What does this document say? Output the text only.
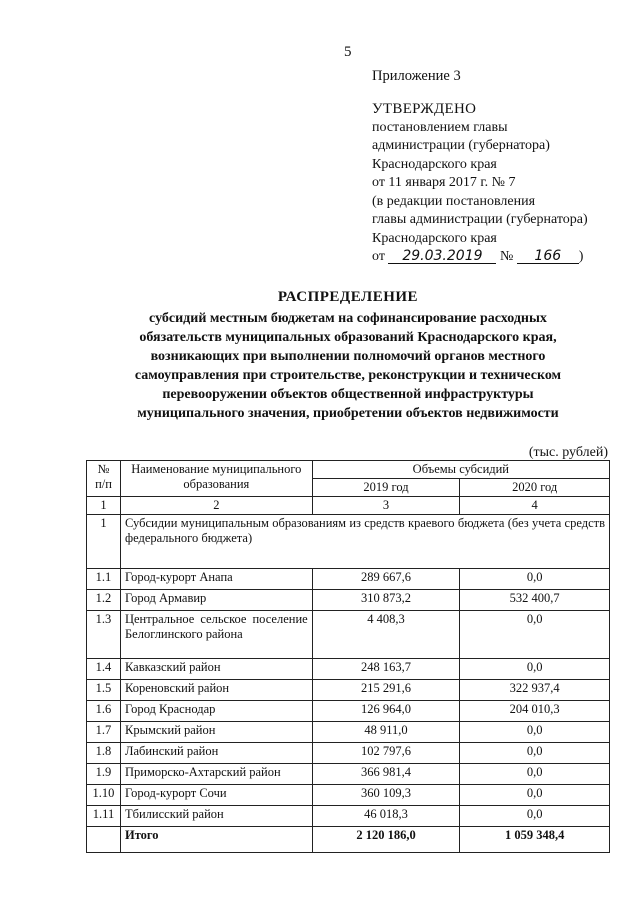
5
Приложение 3
УТВЕРЖДЕНО
постановлением главы
администрации (губернатора)
Краснодарского края
от 11 января 2017 г. № 7
(в редакции постановления
главы администрации (губернатора)
Краснодарского края
от 29.03.2019 № 166 )
РАСПРЕДЕЛЕНИЕ
субсидий местным бюджетам на софинансирование расходных
обязательств муниципальных образований Краснодарского края,
возникающих при выполнении полномочий органов местного
самоуправления при строительстве, реконструкции и техническом
перевооружении объектов общественной инфраструктуры
муниципального значения, приобретении объектов недвижимости
(тыс. рублей)
№ п/п	Наименование муниципального образования	Объемы субсидий	
		2019 год	2020 год
1	2	3	4
1	Субсидии муниципальным образованиям из средств краевого бюджета (без учета средств федерального бюджета)		
1.1	Город-курорт Анапа	289 667,6	0,0
1.2	Город Армавир	310 873,2	532 400,7
1.3	Центральное сельское поселение Белоглинского района	4 408,3	0,0
1.4	Кавказский район	248 163,7	0,0
1.5	Кореновский район	215 291,6	322 937,4
1.6	Город Краснодар	126 964,0	204 010,3
1.7	Крымский район	48 911,0	0,0
1.8	Лабинский район	102 797,6	0,0
1.9	Приморско-Ахтарский район	366 981,4	0,0
1.10	Город-курорт Сочи	360 109,3	0,0
1.11	Тбилисский район	46 018,3	0,0
	Итого	2 120 186,0	1 059 348,4
